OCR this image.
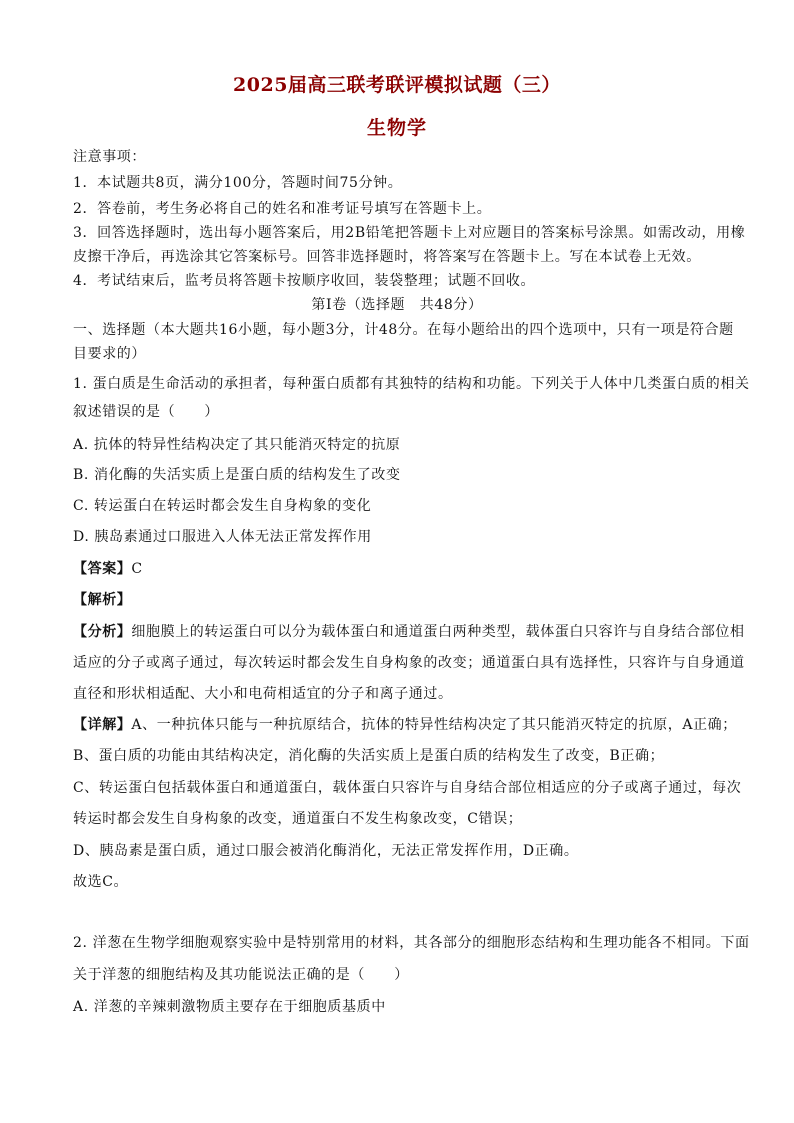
2025届高三联考联评模拟试题（三）
生物学
注意事项：
1．本试题共8页，满分100分，答题时间75分钟。
2．答卷前，考生务必将自己的姓名和准考证号填写在答题卡上。
3．回答选择题时，选出每小题答案后，用2B铅笔把答题卡上对应题目的答案标号涂黑。如需改动，用橡
皮擦干净后，再选涂其它答案标号。回答非选择题时，将答案写在答题卡上。写在本试卷上无效。
4．考试结束后，监考员将答题卡按顺序收回，装袋整理；试题不回收。
第Ⅰ卷（选择题　共48分）
一、选择题（本大题共16小题，每小题3分，计48分。在每小题给出的四个选项中，只有一项是符合题
目要求的）
1. 蛋白质是生命活动的承担者，每种蛋白质都有其独特的结构和功能。下列关于人体中几类蛋白质的相关
叙述错误的是（　　）
A. 抗体的特异性结构决定了其只能消灭特定的抗原
B. 消化酶的失活实质上是蛋白质的结构发生了改变
C. 转运蛋白在转运时都会发生自身构象的变化
D. 胰岛素通过口服进入人体无法正常发挥作用
【答案】C
【解析】
【分析】细胞膜上的转运蛋白可以分为载体蛋白和通道蛋白两种类型，载体蛋白只容许与自身结合部位相
适应的分子或离子通过，每次转运时都会发生自身构象的改变；通道蛋白具有选择性，只容许与自身通道
直径和形状相适配、大小和电荷相适宜的分子和离子通过。
【详解】A、一种抗体只能与一种抗原结合，抗体的特异性结构决定了其只能消灭特定的抗原，A正确；
B、蛋白质的功能由其结构决定，消化酶的失活实质上是蛋白质的结构发生了改变，B正确；
C、转运蛋白包括载体蛋白和通道蛋白，载体蛋白只容许与自身结合部位相适应的分子或离子通过，每次
转运时都会发生自身构象的改变，通道蛋白不发生构象改变，C错误；
D、胰岛素是蛋白质，通过口服会被消化酶消化，无法正常发挥作用，D正确。
故选C。
2. 洋葱在生物学细胞观察实验中是特别常用的材料，其各部分的细胞形态结构和生理功能各不相同。下面
关于洋葱的细胞结构及其功能说法正确的是（　　）
A. 洋葱的辛辣刺激物质主要存在于细胞质基质中
